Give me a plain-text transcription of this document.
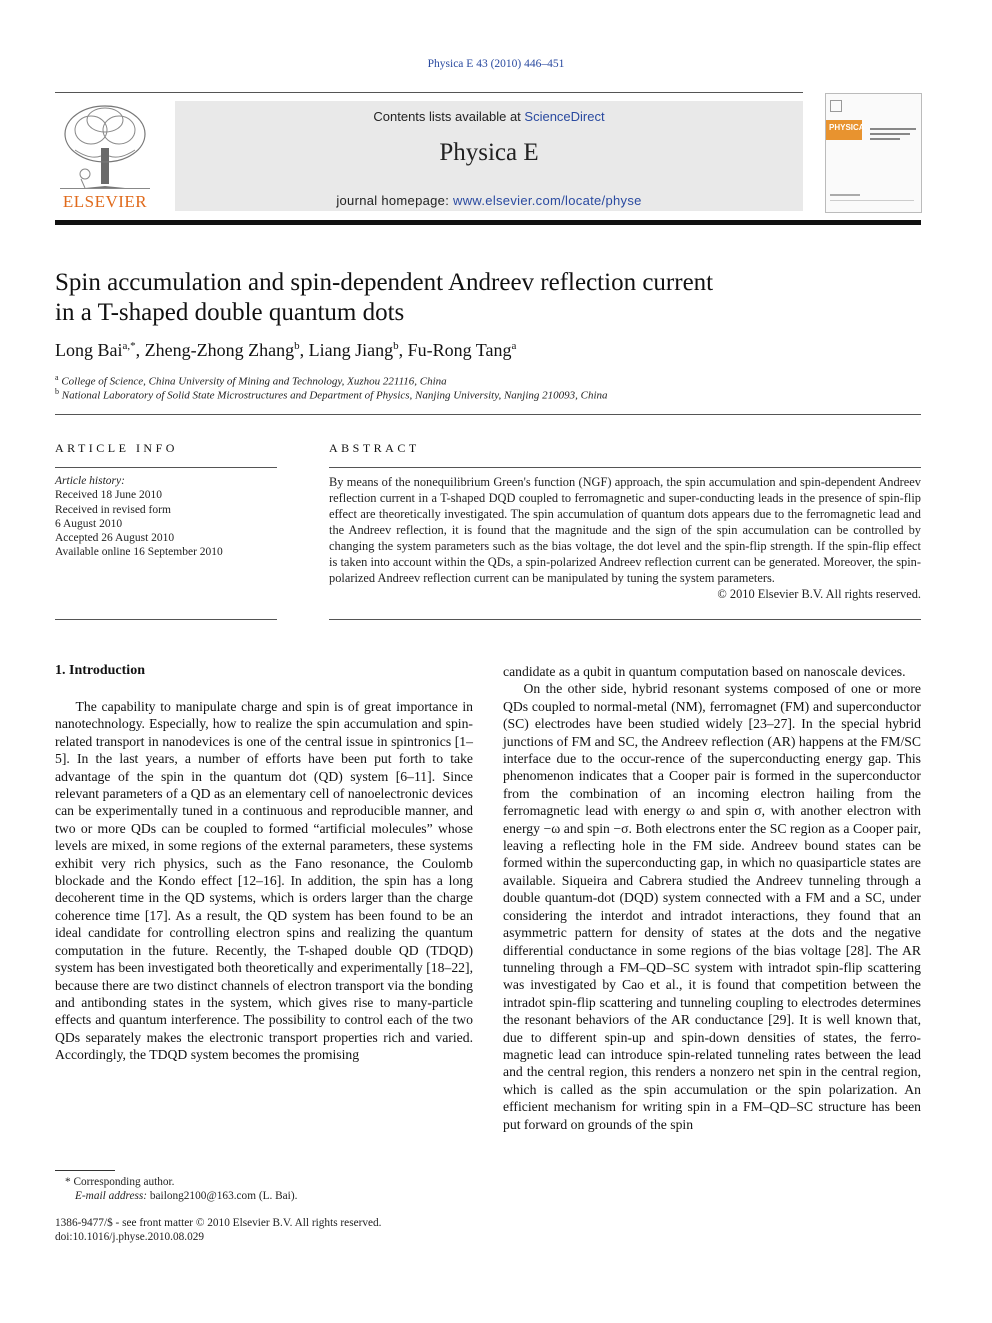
Physica E 43 (2010) 446–451
ELSEVIER
Contents lists available at ScienceDirect
Physica E
journal homepage: www.elsevier.com/locate/physe
PHYSICA
Spin accumulation and spin-dependent Andreev reflection current
in a T-shaped double quantum dots
Long Bai$^{a,*}$, Zheng-Zhong Zhang$^b$, Liang Jiang$^b$, Fu-Rong Tang$^a$
$^a$ College of Science, China University of Mining and Technology, Xuzhou 221116, China
$^b$ National Laboratory of Solid State Microstructures and Department of Physics, Nanjing University, Nanjing 210093, China
ARTICLE INFO
Article history:
Received 18 June 2010
Received in revised form
6 August 2010
Accepted 26 August 2010
Available online 16 September 2010
ABSTRACT
By means of the nonequilibrium Green's function (NGF) approach, the spin accumulation and spin-dependent Andreev reflection current in a T-shaped DQD coupled to ferromagnetic and super-conducting leads in the presence of spin-flip effect are theoretically investigated. The spin accumulation of quantum dots appears due to the ferromagnetic lead and the Andreev reflection, it is found that the magnitude and the sign of the spin accumulation can be controlled by changing the system parameters such as the bias voltage, the dot level and the spin-flip strength. If the spin-flip effect is taken into account within the QDs, a spin-polarized Andreev reflection current can be generated. Moreover, the spin-polarized Andreev reflection current can be manipulated by tuning the system parameters.
© 2010 Elsevier B.V. All rights reserved.
1. Introduction

The capability to manipulate charge and spin is of great importance in nanotechnology. Especially, how to realize the spin accumulation and spin-related transport in nanodevices is one of the central issue in spintronics [1–5]. In the last years, a number of efforts have been put forth to take advantage of the spin in the quantum dot (QD) system [6–11]. Since relevant parameters of a QD as an elementary cell of nanoelectronic devices can be experimentally tuned in a continuous and reproducible manner, and two or more QDs can be coupled to formed “artificial molecules” whose levels are mixed, in some regions of the external parameters, these systems exhibit very rich physics, such as the Fano resonance, the Coulomb blockade and the Kondo effect [12–16]. In addition, the spin has a long decoherent time in the QD systems, which is orders larger than the charge coherence time [17]. As a result, the QD system has been found to be an ideal candidate for controlling electron spins and realizing the quantum computation in the future. Recently, the T-shaped double QD (TDQD) system has been investigated both theoretically and experimentally [18–22], because there are two distinct channels of electron transport via the bonding and antibonding states in the system, which gives rise to many-particle effects and quantum interference. The possibility to control each of the two QDs separately makes the electronic transport properties rich and varied. Accordingly, the TDQD system becomes the promising

candidate as a qubit in quantum computation based on nanoscale devices.

On the other side, hybrid resonant systems composed of one or more QDs coupled to normal-metal (NM), ferromagnet (FM) and superconductor (SC) electrodes have been studied widely [23–27]. In the special hybrid junctions of FM and SC, the Andreev reflection (AR) happens at the FM/SC interface due to the occur-rence of the superconducting energy gap. This phenomenon indicates that a Cooper pair is formed in the superconductor from the combination of an incoming electron hailing from the ferromagnetic lead with energy ω and spin σ, with another electron with energy −ω and spin −σ. Both electrons enter the SC region as a Cooper pair, leaving a reflecting hole in the FM side. Andreev bound states can be formed within the superconducting gap, in which no quasiparticle states are available. Siqueira and Cabrera studied the Andreev tunneling through a double quantum-dot (DQD) system connected with a FM and a SC, under considering the interdot and intradot interactions, they found that an asymmetric pattern for density of states at the dots and the negative differential conductance in some regions of the bias voltage [28]. The AR tunneling through a FM–QD–SC system with intradot spin-flip scattering was investigated by Cao et al., it is found that competition between the intradot spin-flip scattering and tunneling coupling to electrodes determines the resonant behaviors of the AR conductance [29]. It is well known that, due to different spin-up and spin-down densities of states, the ferro-magnetic lead can introduce spin-related tunneling rates between the lead and the central region, this renders a nonzero net spin in the central region, which is called as the spin accumulation or the spin polarization. An efficient mechanism for writing spin in a FM–QD–SC structure has been put forward on grounds of the spin

* Corresponding author.
E-mail address: bailong2100@163.com (L. Bai).
1386-9477/$ - see front matter © 2010 Elsevier B.V. All rights reserved.
doi:10.1016/j.physe.2010.08.029
